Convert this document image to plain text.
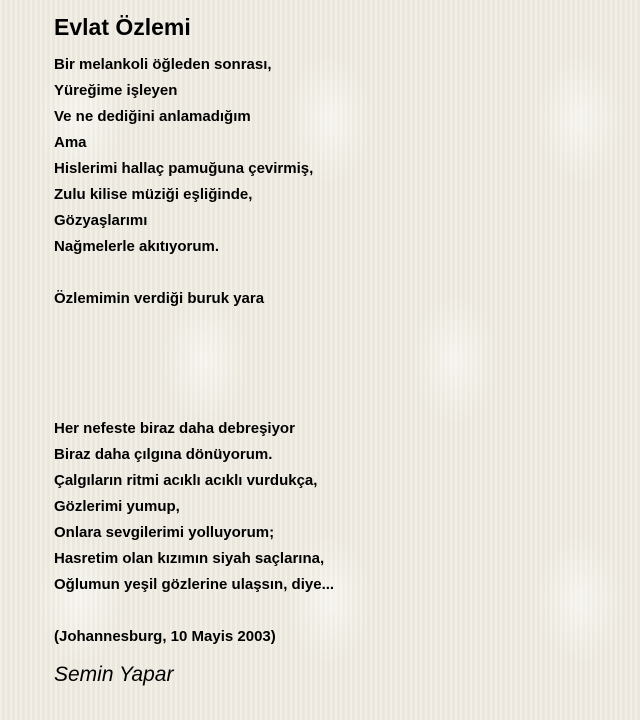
Evlat Özlemi
Bir melankoli öğleden sonrası,
Yüreğime işleyen
Ve ne dediğini anlamadığım
Ama
Hislerimi hallaç pamuğuna çevirmiş,
Zulu kilise müziği eşliğinde,
Gözyaşlarımı
Nağmelerle akıtıyorum.
Özlemimin verdiği buruk yara
Her nefeste biraz daha debreşiyor
Biraz daha çılgına dönüyorum.
Çalgıların ritmi acıklı acıklı vurdukça,
Gözlerimi yumup,
Onlara sevgilerimi yolluyorum;
Hasretim olan kızımın siyah saçlarına,
Oğlumun yeşil gözlerine ulaşsın, diye...
(Johannesburg, 10 Mayis 2003)
Semin Yapar
